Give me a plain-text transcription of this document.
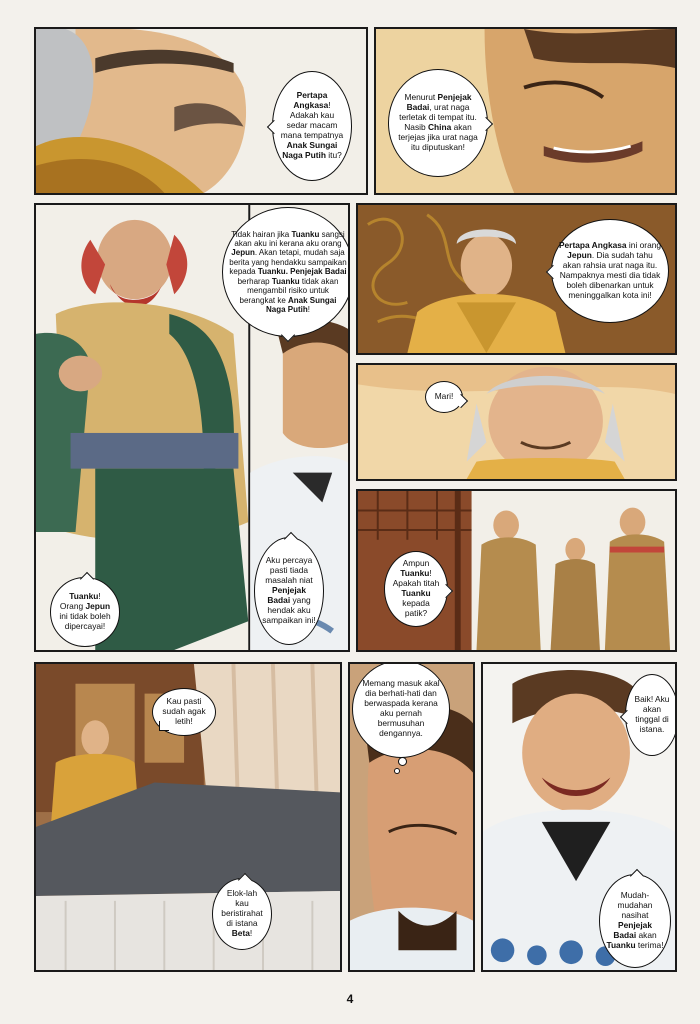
Pertapa Angkasa! Adakah kau sedar macam mana tempatnya Anak Sungai Naga Putih itu?
Menurut Penjejak Badai, urat naga terletak di tempat itu. Nasib China akan terjejas jika urat naga itu diputuskan!
Tidak hairan jika Tuanku sangsi akan aku ini kerana aku orang Jepun. Akan tetapi, mudah saja berita yang hendakku sampaikan kepada Tuanku. Penjejak Badai berharap Tuanku tidak akan mengambil risiko untuk berangkat ke Anak Sungai Naga Putih!
Tuanku! Orang Jepun ini tidak boleh dipercayai!
Aku percaya pasti tiada masalah niat Penjejak Badai yang hendak aku sampaikan ini!
Pertapa Angkasa ini orang Jepun. Dia sudah tahu akan rahsia urat naga itu. Nampaknya mesti dia tidak boleh dibenarkan untuk meninggalkan kota ini!
Mari!
Ampun Tuanku! Apakah titah Tuanku kepada patik?
Kau pasti sudah agak letih!
Elok-lah kau beristirahat di istana Beta!
Memang masuk akal dia berhati-hati dan berwaspada kerana aku pernah bermusuhan dengannya.
Baik! Aku akan tinggal di istana.
Mudah-mudahan nasihat Penjejak Badai akan Tuanku terima!
4
